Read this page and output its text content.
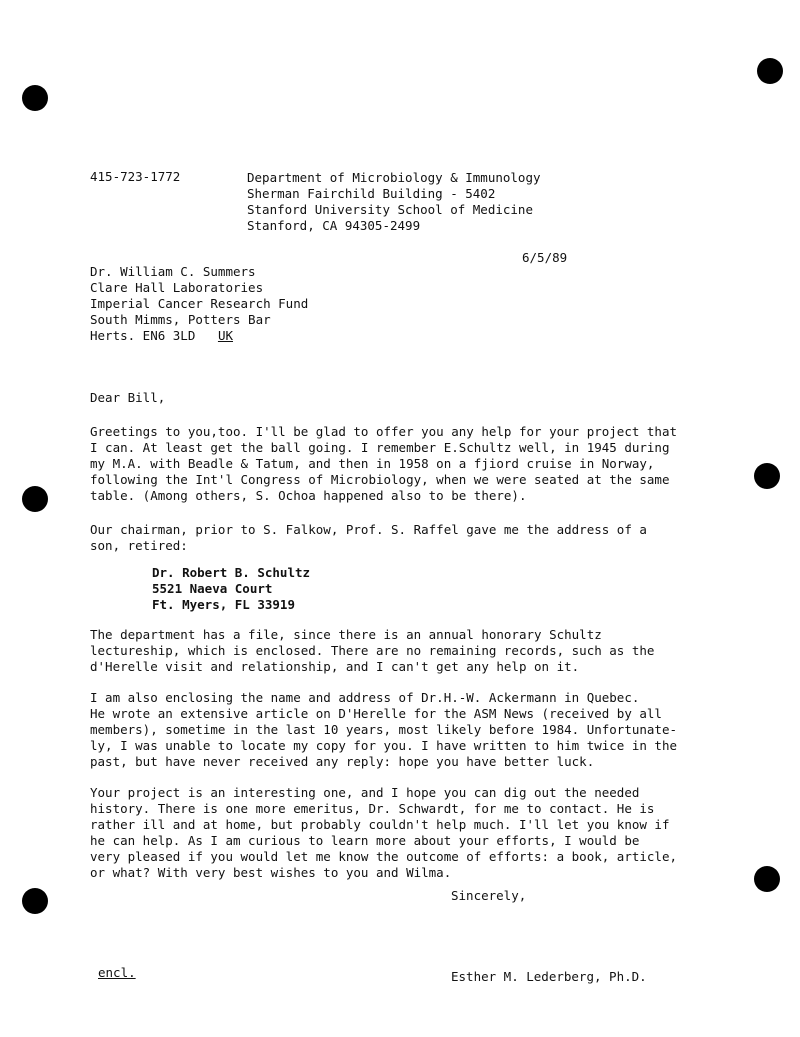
415-723-1772	Department of Microbiology & Immunology
Sherman Fairchild Building - 5402
Stanford University School of Medicine
Stanford, CA 94305-2499
6/5/89
Dr. William C. Summers
Clare Hall Laboratories
Imperial Cancer Research Fund
South Mimms, Potters Bar
Herts. EN6 3LD UK
Dear Bill,
Greetings to you,too. I'll be glad to offer you any help for your project that
I can. At least get the ball going. I remember E.Schultz well, in 1945 during
my M.A. with Beadle & Tatum, and then in 1958 on a fjiord cruise in Norway,
following the Int'l Congress of Microbiology, when we were seated at the same
table. (Among others, S. Ochoa happened also to be there).
Our chairman, prior to S. Falkow, Prof. S. Raffel gave me the address of a
son, retired:
Dr. Robert B. Schultz
5521 Naeva Court
Ft. Myers, FL 33919
The department has a file, since there is an annual honorary Schultz
lectureship, which is enclosed. There are no remaining records, such as the
d'Herelle visit and relationship, and I can't get any help on it.
I am also enclosing the name and address of Dr.H.-W. Ackermann in Quebec.
He wrote an extensive article on D'Herelle for the ASM News (received by all
members), sometime in the last 10 years, most likely before 1984. Unfortunate-
ly, I was unable to locate my copy for you. I have written to him twice in the
past, but have never received any reply: hope you have better luck.
Your project is an interesting one, and I hope you can dig out the needed
history. There is one more emeritus, Dr. Schwardt, for me to contact. He is
rather ill and at home, but probably couldn't help much. I'll let you know if
he can help. As I am curious to learn more about your efforts, I would be
very pleased if you would let me know the outcome of efforts: a book, article,
or what? With very best wishes to you and Wilma.
Sincerely,
encl.	Esther M. Lederberg, Ph.D.
